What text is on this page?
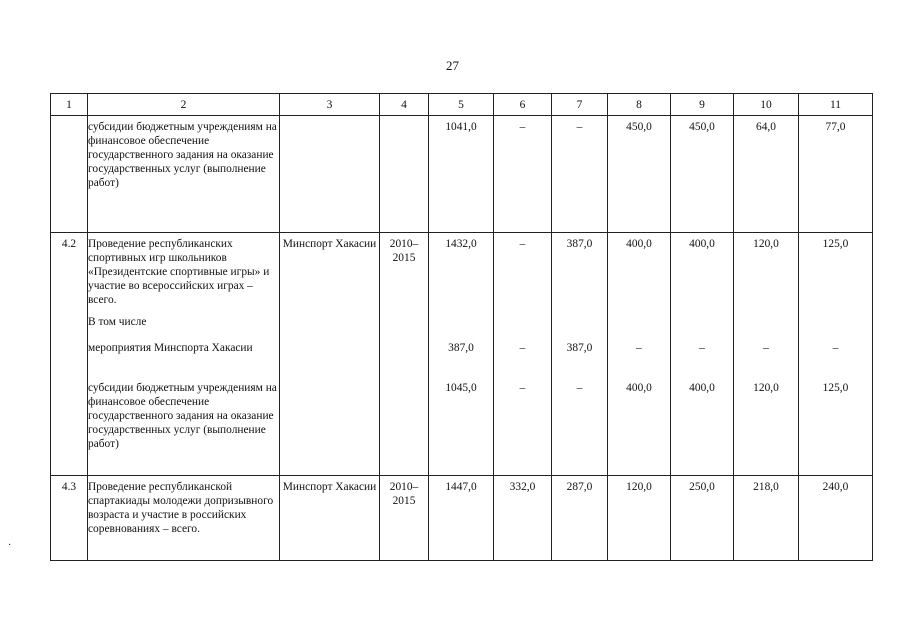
27
·
1	2	3	4	5	6	7	8	9	10	11
	субсидии бюджетным учреждениям на финансовое обеспечение государственного задания на оказание государственных услуг (выполнение работ)			1041,0	–	–	450,0	450,0	64,0	77,0
4.2	Проведение республиканских спортивных игр школьников «Президентские спортивные игры» и участие во всероссийских играх – всего.	Минспорт Хакасии	2010–2015	1432,0	–	387,0	400,0	400,0	120,0	125,0
	В том числе									
	мероприятия Минспорта Хакасии			387,0	–	387,0	–	–	–	–
	субсидии бюджетным учреждениям на финансовое обеспечение государственного задания на оказание государственных услуг (выполнение работ)			1045,0	–	–	400,0	400,0	120,0	125,0
4.3	Проведение республиканской спартакиады молодежи допризывного возраста и участие в российских соревнованиях – всего.	Минспорт Хакасии	2010–2015	1447,0	332,0	287,0	120,0	250,0	218,0	240,0
